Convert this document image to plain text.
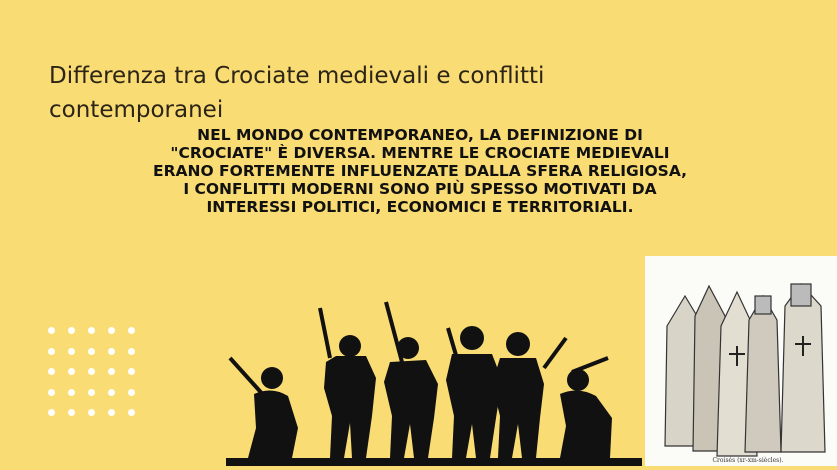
Differenza tra Crociate medievali e conflitti contemporanei
NEL MONDO CONTEMPORANEO, LA DEFINIZIONE DI "CROCIATE" È DIVERSA. MENTRE LE CROCIATE MEDIEVALI ERANO FORTEMENTE INFLUENZATE DALLA SFERA RELIGIOSA, I CONFLITTI MODERNI SONO PIÙ SPESSO MOTIVATI DA INTERESSI POLITICI, ECONOMICI E TERRITORIALI.
Croisés (xr-xm-siècles).
